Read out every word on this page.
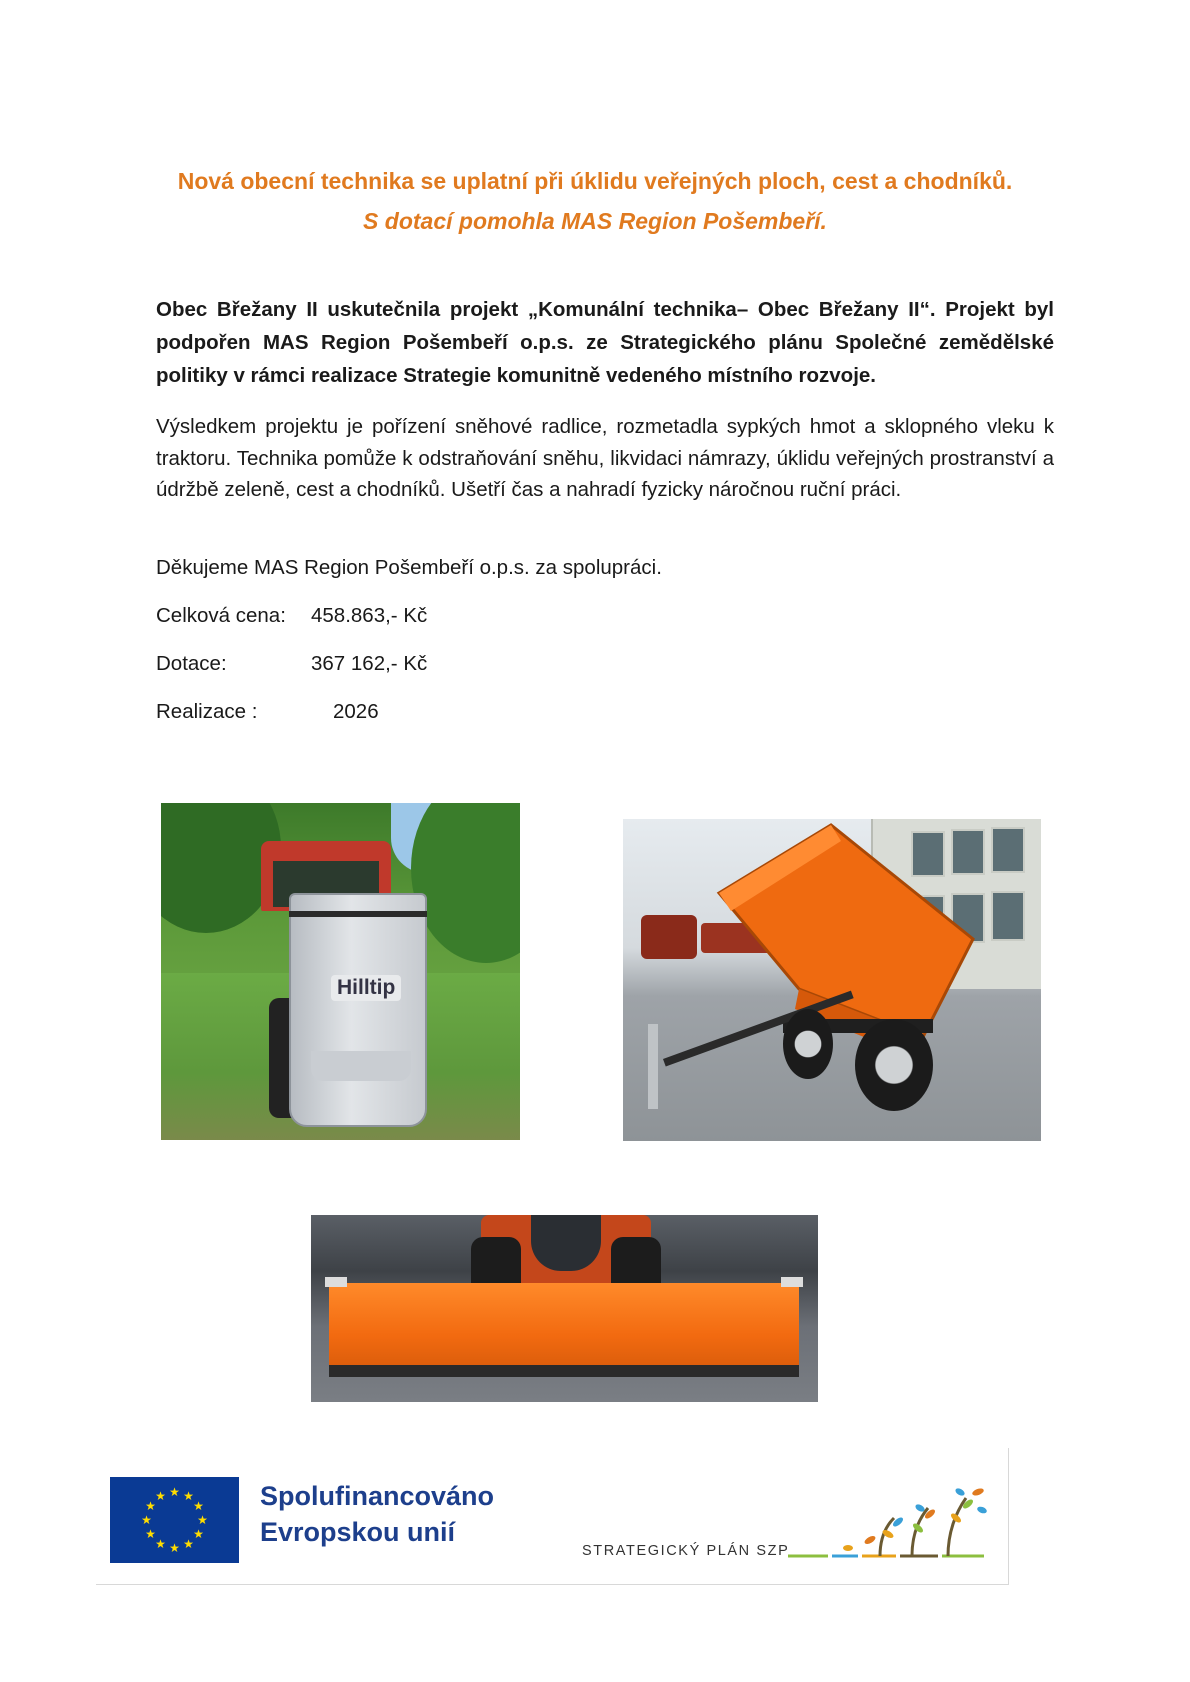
Nová obecní technika se uplatní při úklidu veřejných ploch, cest a chodníků.
S dotací pomohla MAS Region Pošembeří.
Obec Břežany II uskutečnila projekt „Komunální technika– Obec Břežany II“. Projekt byl podpořen MAS Region Pošembeří o.p.s. ze Strategického plánu Společné zemědělské politiky v rámci realizace Strategie komunitně vedeného místního rozvoje.
Výsledkem projektu je pořízení sněhové radlice, rozmetadla sypkých hmot a sklopného vleku k traktoru. Technika pomůže k odstraňování sněhu, likvidaci námrazy, úklidu veřejných prostranství a údržbě zeleně, cest a chodníků. Ušetří čas a nahradí fyzicky náročnou ruční práci.
Děkujeme MAS Region Pošembeří o.p.s. za spolupráci.
Celková cena: 458.863,- Kč
Dotace:	367 162,- Kč
Realizace :	2026
Hilltip
★ ★
★
★
★
★
★
★
★
★
★
★	Spolufinancováno
Evropskou unií
STRATEGICKÝ PLÁN SZP
